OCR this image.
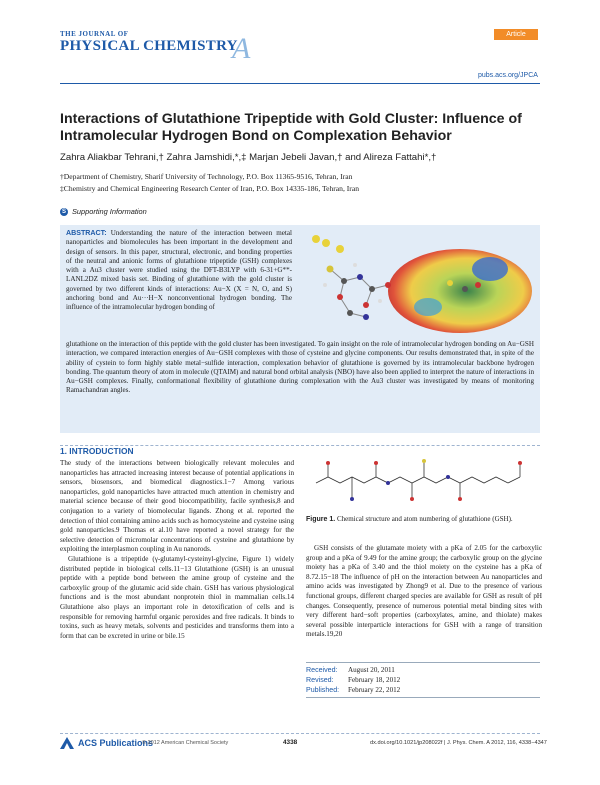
THE JOURNAL OF
PHYSICAL CHEMISTRY
A	Article
pubs.acs.org/JPCA
Interactions of Glutathione Tripeptide with Gold Cluster: Influence of Intramolecular Hydrogen Bond on Complexation Behavior
Zahra Aliakbar Tehrani,† Zahra Jamshidi,*,‡ Marjan Jebeli Javan,† and Alireza Fattahi*,†
†Department of Chemistry, Sharif University of Technology, P.O. Box 11365-9516, Tehran, Iran
‡Chemistry and Chemical Engineering Research Center of Iran, P.O. Box 14335-186, Tehran, Iran
S Supporting Information
ABSTRACT: Understanding the nature of the interaction between metal nanoparticles and biomolecules has been important in the development and design of sensors. In this paper, structural, electronic, and bonding properties of the neutral and anionic forms of glutathione tripeptide (GSH) complexes with a Au3 cluster were studied using the DFT-B3LYP with 6-31+G**-LANL2DZ mixed basis set. Binding of glutathione with the gold cluster is governed by two different kinds of interactions: Au−X (X = N, O, and S) anchoring bond and Au···H−X nonconventional hydrogen bonding. The influence of the intramolecular hydrogen bonding of
glutathione on the interaction of this peptide with the gold cluster has been investigated. To gain insight on the role of intramolecular hydrogen bonding on Au−GSH interaction, we compared interaction energies of Au−GSH complexes with those of cysteine and glycine components. Our results demonstrated that, in spite of the ability of cystein to form highly stable metal−sulfide interaction, complexation behavior of glutathione is governed by its intramolecular backbone hydrogen bonding. The quantum theory of atom in molecule (QTAIM) and natural bond orbital analysis (NBO) have also been applied to interpret the nature of interactions in Au−GSH complexes. Finally, conformational flexibility of glutathione during complexation with the Au3 cluster was investigated by means of monitoring Ramachandran angles.
1. INTRODUCTION

The study of the interactions between biologically relevant molecules and nanoparticles has attracted increasing interest because of potential applications in sensors, biosensors, and biomedical diagnostics.1−7 Among various nanoparticles, gold nanoparticles have attracted much attention in chemistry and material science because of their good biocompatibility, facile synthesis,8 and conjugation to a variety of biomolecular ligands. Zhong et al. reported the detection of thiol containing amino acids such as homocysteine and cysteine using gold nanoparticles.9 Thomas et al.10 have reported a novel strategy for the selective detection of micromolar concentrations of cysteine and glutathione by exploiting the interplasmon coupling in Au nanorods.

Glutathione is a tripeptide (γ-glutamyl-cysteinyl-glycine, Figure 1) widely distributed peptide in biological cells.11−13 Glutathione (GSH) is an unusual peptide with a peptide bond between the amine group of cysteine and the carboxylic group of the glutamic acid side chain. GSH has various physiological functions and is the most abundant nonprotein thiol in mammalian cells.14 Glutathione also plays an important role in detoxification of cells and is responsible for removing harmful organic peroxides and free radicals. It binds to toxins, such as heavy metals, solvents and pesticides and transforms them into a form that can be excreted in urine or bile.15

Figure 1. Chemical structure and atom numbering of glutathione (GSH).
GSH consists of the glutamate moiety with a pKa of 2.05 for the carboxylic group and a pKa of 9.49 for the amine group; the carboxylic group on the glycine moiety has a pKa of 3.40 and the thiol moiety on the cysteine has a pKa of 8.72.15−18 The influence of pH on the interaction between Au nanoparticles and amino acids was investigated by Zhong9 et al. Due to the presence of various functional groups, different charged species are available for GSH as result of pH changes. Consequently, presence of numerous potential metal binding sites with very different hard−soft properties (carboxylates, amine, and thiolate) makes several possible interparticle interactions for GSH with a range of transition metals.19,20
Received: August 20, 2011
Revised: February 18, 2012
Published: February 22, 2012
ACS Publications
© 2012 American Chemical Society	4338	dx.doi.org/10.1021/jp208022f | J. Phys. Chem. A 2012, 116, 4338−4347
